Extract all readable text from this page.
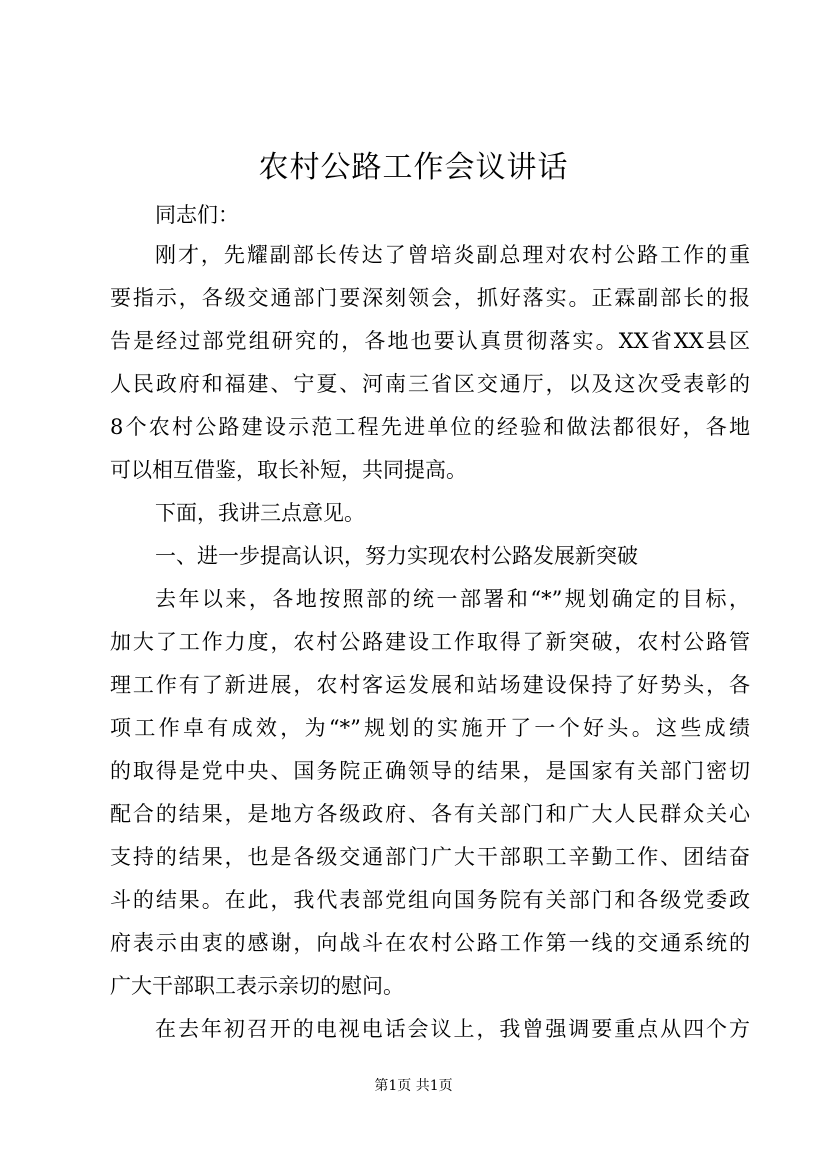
农村公路工作会议讲话
同志们：
刚才，先耀副部长传达了曾培炎副总理对农村公路工作的重
要指示，各级交通部门要深刻领会，抓好落实。正霖副部长的报
告是经过部党组研究的，各地也要认真贯彻落实。XX省XX县区
人民政府和福建、宁夏、河南三省区交通厅，以及这次受表彰的
8个农村公路建设示范工程先进单位的经验和做法都很好，各地
可以相互借鉴，取长补短，共同提高。
下面，我讲三点意见。
一、进一步提高认识，努力实现农村公路发展新突破
去年以来，各地按照部的统一部署和“*”规划确定的目标，
加大了工作力度，农村公路建设工作取得了新突破，农村公路管
理工作有了新进展，农村客运发展和站场建设保持了好势头，各
项工作卓有成效，为“*”规划的实施开了一个好头。这些成绩
的取得是党中央、国务院正确领导的结果，是国家有关部门密切
配合的结果，是地方各级政府、各有关部门和广大人民群众关心
支持的结果，也是各级交通部门广大干部职工辛勤工作、团结奋
斗的结果。在此，我代表部党组向国务院有关部门和各级党委政
府表示由衷的感谢，向战斗在农村公路工作第一线的交通系统的
广大干部职工表示亲切的慰问。
在去年初召开的电视电话会议上，我曾强调要重点从四个方
第1页 共1页
